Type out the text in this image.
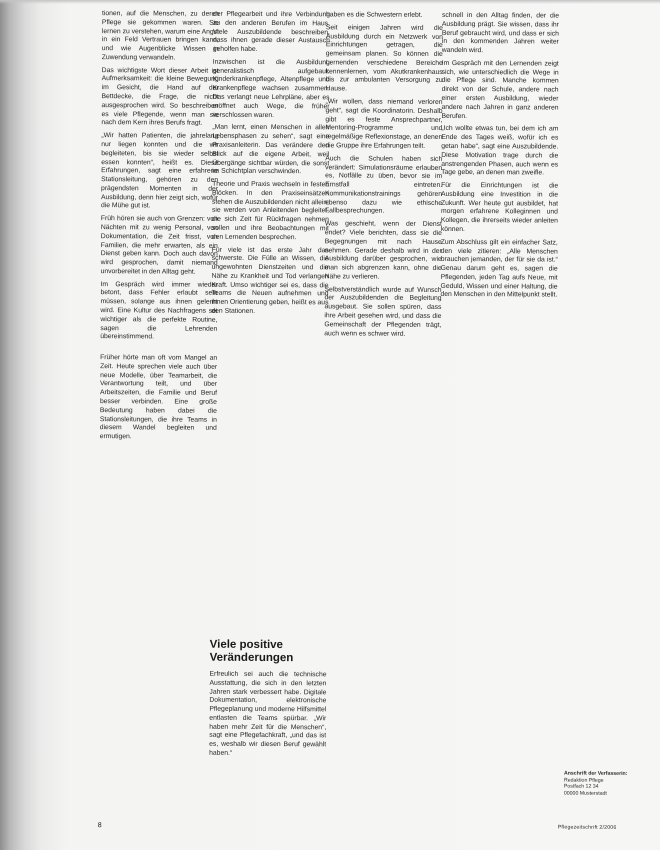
tionen, auf die Menschen, zu deren Pflege sie gekommen waren. Sie lernen zu verstehen, warum eine Angst in ein Feld Vertrauen bringen kann, und wie Augenblicke Wissen in Zuwendung verwandeln.

Das wichtigste Wort dieser Arbeit ist Aufmerksamkeit: die kleine Bewegung im Gesicht, die Hand auf der Bettdecke, die Frage, die nicht ausgesprochen wird. So beschreiben es viele Pflegende, wenn man sie nach dem Kern ihres Berufs fragt.

„Wir hatten Patienten, die jahrelang nur liegen konnten und die wir begleiteten, bis sie wieder selbst essen konnten“, heißt es. Diese Erfahrungen, sagt eine erfahrene Stationsleitung, gehören zu den prägendsten Momenten in der Ausbildung, denn hier zeigt sich, wofür die Mühe gut ist.

Früh hören sie auch von Grenzen: von Nächten mit zu wenig Personal, von Dokumentation, die Zeit frisst, von Familien, die mehr erwarten, als ein Dienst geben kann. Doch auch davon wird gesprochen, damit niemand unvorbereitet in den Alltag geht.

Im Gespräch wird immer wieder betont, dass Fehler erlaubt sein müssen, solange aus ihnen gelernt wird. Eine Kultur des Nachfragens sei wichtiger als die perfekte Routine, sagen die Lehrenden übereinstimmend.

Früher hörte man oft vom Mangel an Zeit. Heute sprechen viele auch über neue Modelle, über Teamarbeit, die Verantwortung teilt, und über Arbeitszeiten, die Familie und Beruf besser verbinden. Eine große Bedeutung haben dabei die Stationsleitungen, die ihre Teams in diesem Wandel begleiten und ermutigen.

der Pflegearbeit und ihre Verbindung zu den anderen Berufen im Haus. Viele Auszubildende beschreiben, dass ihnen gerade dieser Austausch geholfen habe.

Inzwischen ist die Ausbildung generalistisch aufgebaut: Kinderkrankenpflege, Altenpflege und Krankenpflege wachsen zusammen. Das verlangt neue Lehrpläne, aber es eröffnet auch Wege, die früher verschlossen waren.

„Man lernt, einen Menschen in allen Lebensphasen zu sehen“, sagt eine Praxisanleiterin. Das verändere den Blick auf die eigene Arbeit, weil Übergänge sichtbar würden, die sonst im Schichtplan verschwinden.

Theorie und Praxis wechseln in festen Blöcken. In den Praxiseinsätzen stehen die Auszubildenden nicht allein; sie werden von Anleitenden begleitet, die sich Zeit für Rückfragen nehmen sollen und ihre Beobachtungen mit den Lernenden besprechen.

Für viele ist das erste Jahr das schwerste. Die Fülle an Wissen, die ungewohnten Dienstzeiten und die Nähe zu Krankheit und Tod verlangen Kraft. Umso wichtiger sei es, dass die Teams die Neuen aufnehmen und ihnen Orientierung geben, heißt es aus den Stationen.

Viele positive Veränderungen

Erfreulich sei auch die technische Ausstattung, die sich in den letzten Jahren stark verbessert habe. Digitale Dokumentation, elektronische Pflegeplanung und moderne Hilfsmittel entlasten die Teams spürbar. „Wir haben mehr Zeit für die Menschen“, sagt eine Pflegefachkraft, „und das ist es, weshalb wir diesen Beruf gewählt haben.“

haben es die Schwestern erlebt.

Seit einigen Jahren wird die Ausbildung durch ein Netzwerk von Einrichtungen getragen, die gemeinsam planen. So können die Lernenden verschiedene Bereiche kennenlernen, vom Akutkrankenhaus bis zur ambulanten Versorgung zu Hause.

„Wir wollen, dass niemand verloren geht“, sagt die Koordinatorin. Deshalb gibt es feste Ansprechpartner, Mentoring-Programme und regelmäßige Reflexionstage, an denen die Gruppe ihre Erfahrungen teilt.

Auch die Schulen haben sich verändert: Simulationsräume erlauben es, Notfälle zu üben, bevor sie im Ernstfall eintreten. Kommunikationstrainings gehören ebenso dazu wie ethische Fallbesprechungen.

Was geschieht, wenn der Dienst endet? Viele berichten, dass sie die Begegnungen mit nach Hause nehmen. Gerade deshalb wird in der Ausbildung darüber gesprochen, wie man sich abgrenzen kann, ohne die Nähe zu verlieren.

Selbstverständlich wurde auf Wunsch der Auszubildenden die Begleitung ausgebaut. Sie sollen spüren, dass ihre Arbeit gesehen wird, und dass die Gemeinschaft der Pflegenden trägt, auch wenn es schwer wird.

schnell in den Alltag finden, der die Ausbildung prägt. Sie wissen, dass ihr Beruf gebraucht wird, und dass er sich in den kommenden Jahren weiter wandeln wird.

Im Gespräch mit den Lernenden zeigt sich, wie unterschiedlich die Wege in die Pflege sind. Manche kommen direkt von der Schule, andere nach einer ersten Ausbildung, wieder andere nach Jahren in ganz anderen Berufen.

„Ich wollte etwas tun, bei dem ich am Ende des Tages weiß, wofür ich es getan habe“, sagt eine Auszubildende. Diese Motivation trage durch die anstrengenden Phasen, auch wenn es Tage gebe, an denen man zweifle.

Für die Einrichtungen ist die Ausbildung eine Investition in die Zukunft. Wer heute gut ausbildet, hat morgen erfahrene Kolleginnen und Kollegen, die ihrerseits wieder anleiten können.

Zum Abschluss gilt ein einfacher Satz, den viele zitieren: „Alle Menschen brauchen jemanden, der für sie da ist.“ Genau darum geht es, sagen die Pflegenden, jeden Tag aufs Neue, mit Geduld, Wissen und einer Haltung, die den Menschen in den Mittelpunkt stellt.

Anschrift der Verfasserin:
Redaktion Pflege
Postfach 12 34
00000 Musterstadt
8	Pflegezeitschrift 2/2006
